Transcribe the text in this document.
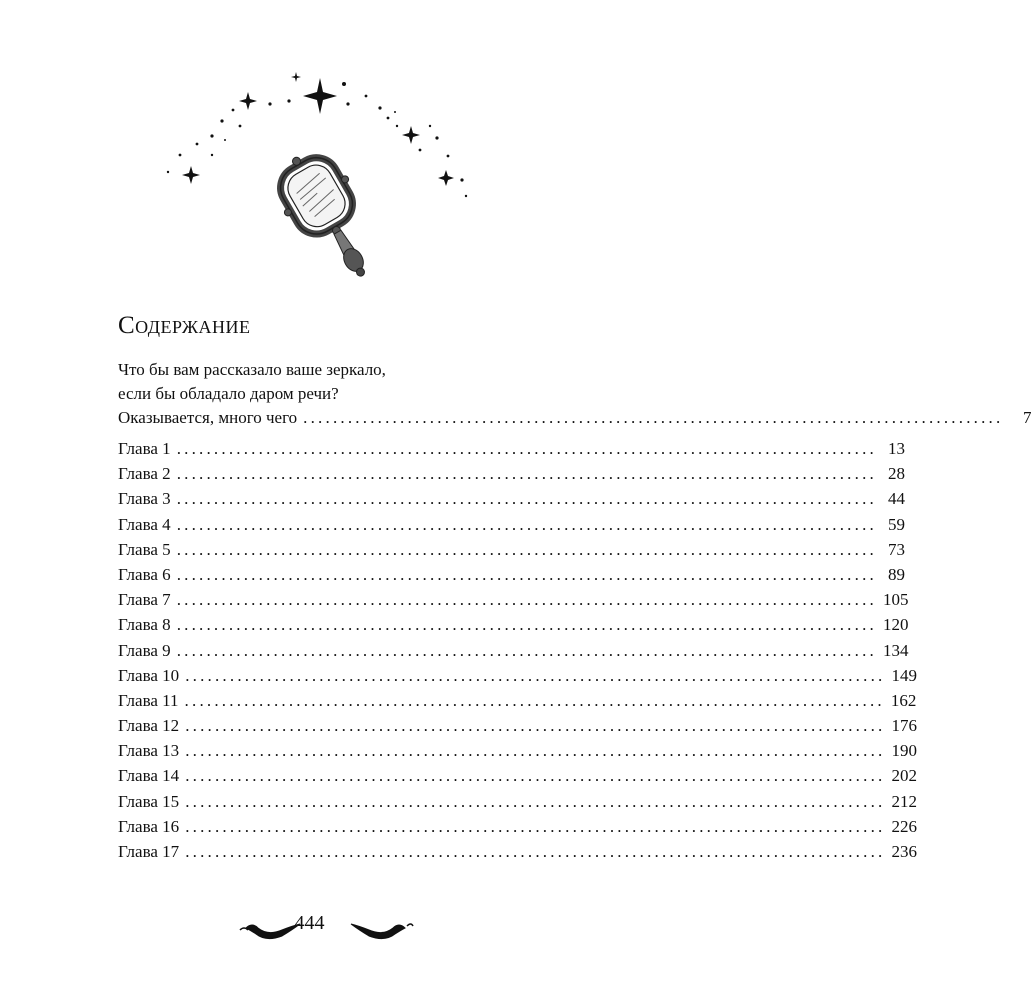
Содержание
Что бы вам рассказало ваше зеркало,
если бы обладало даром речи?
Оказывается, много чего ..............................................................................................	7
Глава 1 .............................................................................................. 13
Глава 2 .............................................................................................. 28
Глава 3 .............................................................................................. 44
Глава 4 .............................................................................................. 59
Глава 5 .............................................................................................. 73
Глава 6 .............................................................................................. 89
Глава 7 .............................................................................................. 105
Глава 8 .............................................................................................. 120
Глава 9 .............................................................................................. 134
Глава 10 .............................................................................................. 149
Глава 11 .............................................................................................. 162
Глава 12 .............................................................................................. 176
Глава 13 .............................................................................................. 190
Глава 14 .............................................................................................. 202
Глава 15 .............................................................................................. 212
Глава 16 .............................................................................................. 226
Глава 17 .............................................................................................. 236
444
